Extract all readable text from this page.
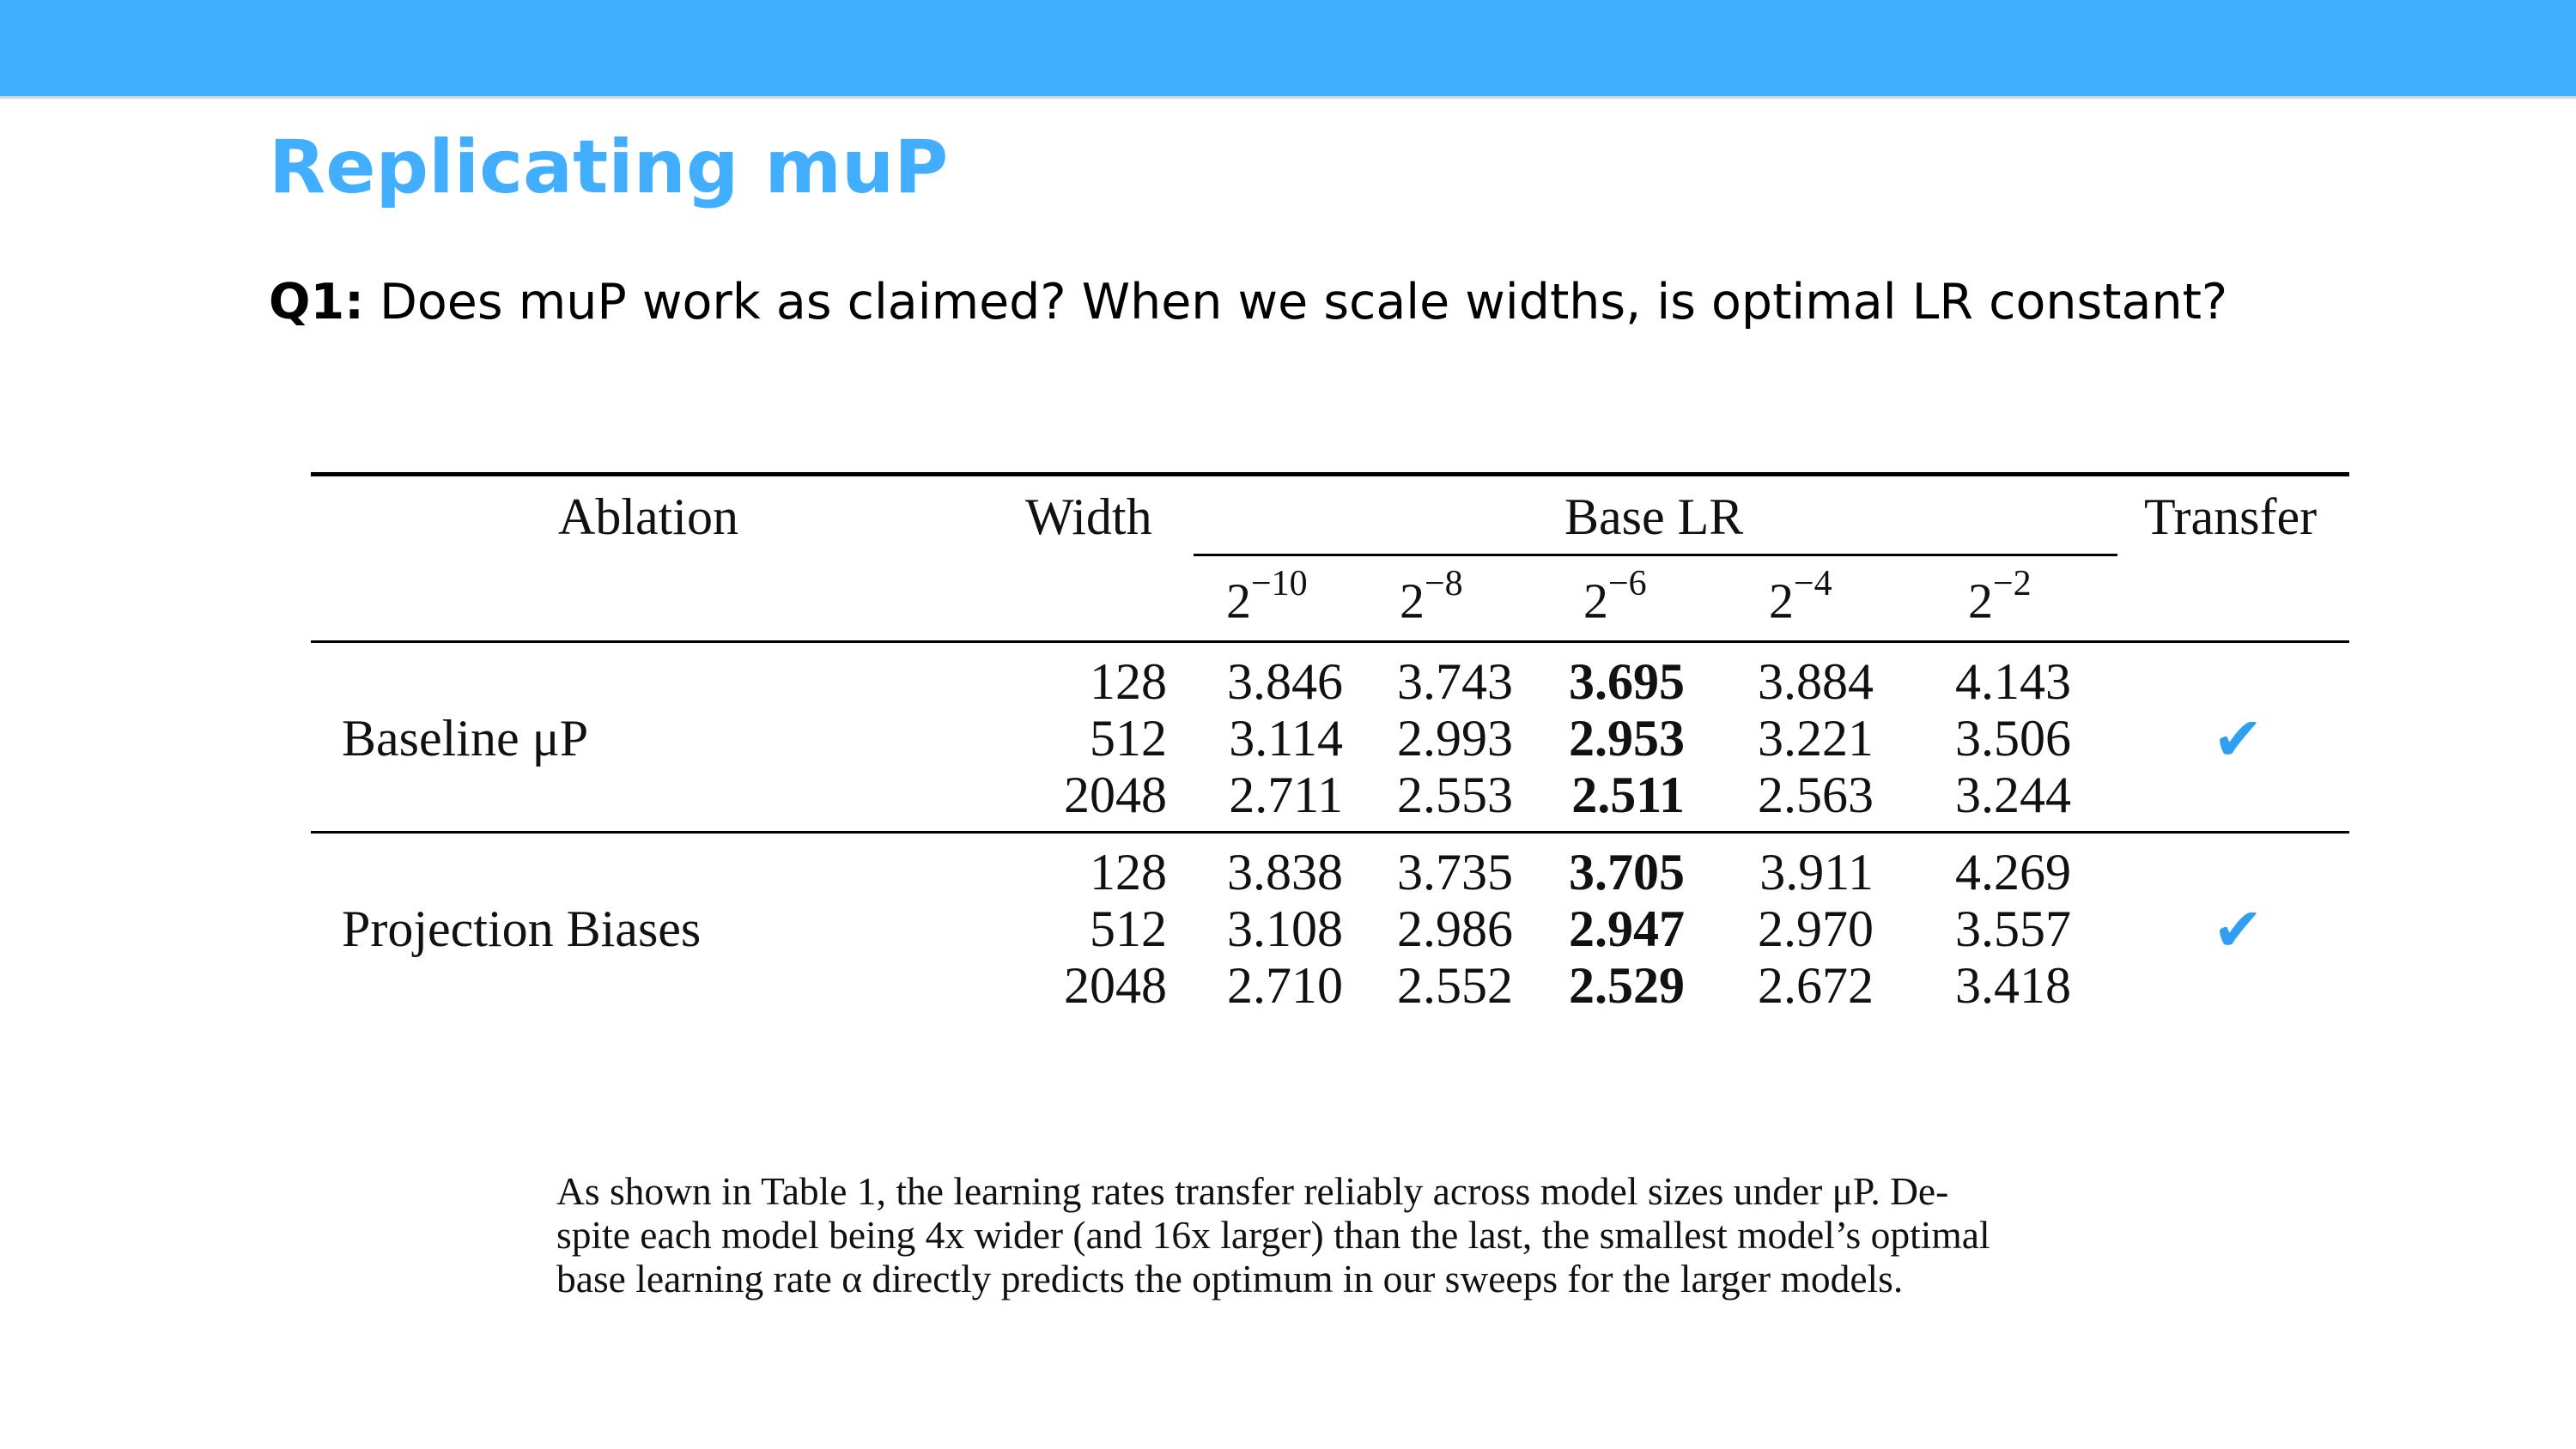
Replicating muP
Q1: Does muP work as claimed? When we scale widths, is optimal LR constant?
Ablation	Width	Base LR	Transfer
$2^{-10}$ $2^{-8}$ $2^{-6}$ $2^{-4}$	$2^{-2}$
Baseline μP	✔
128 3.846 3.743 3.695 3.884 4.143
512 3.114 2.993 2.953 3.221 3.506
2048 2.711 2.553	2.511 2.563 3.244
Projection Biases	✔
128 3.838 3.735 3.705 3.911 4.269
512 3.108 2.986 2.947 2.970 3.557
2048 2.710 2.552 2.529 2.672 3.418

As shown in Table 1, the learning rates transfer reliably across model sizes under μP. De-

spite each model being 4x wider (and 16x larger) than the last, the smallest model’s optimal

base learning rate α directly predicts the optimum in our sweeps for the larger models.
